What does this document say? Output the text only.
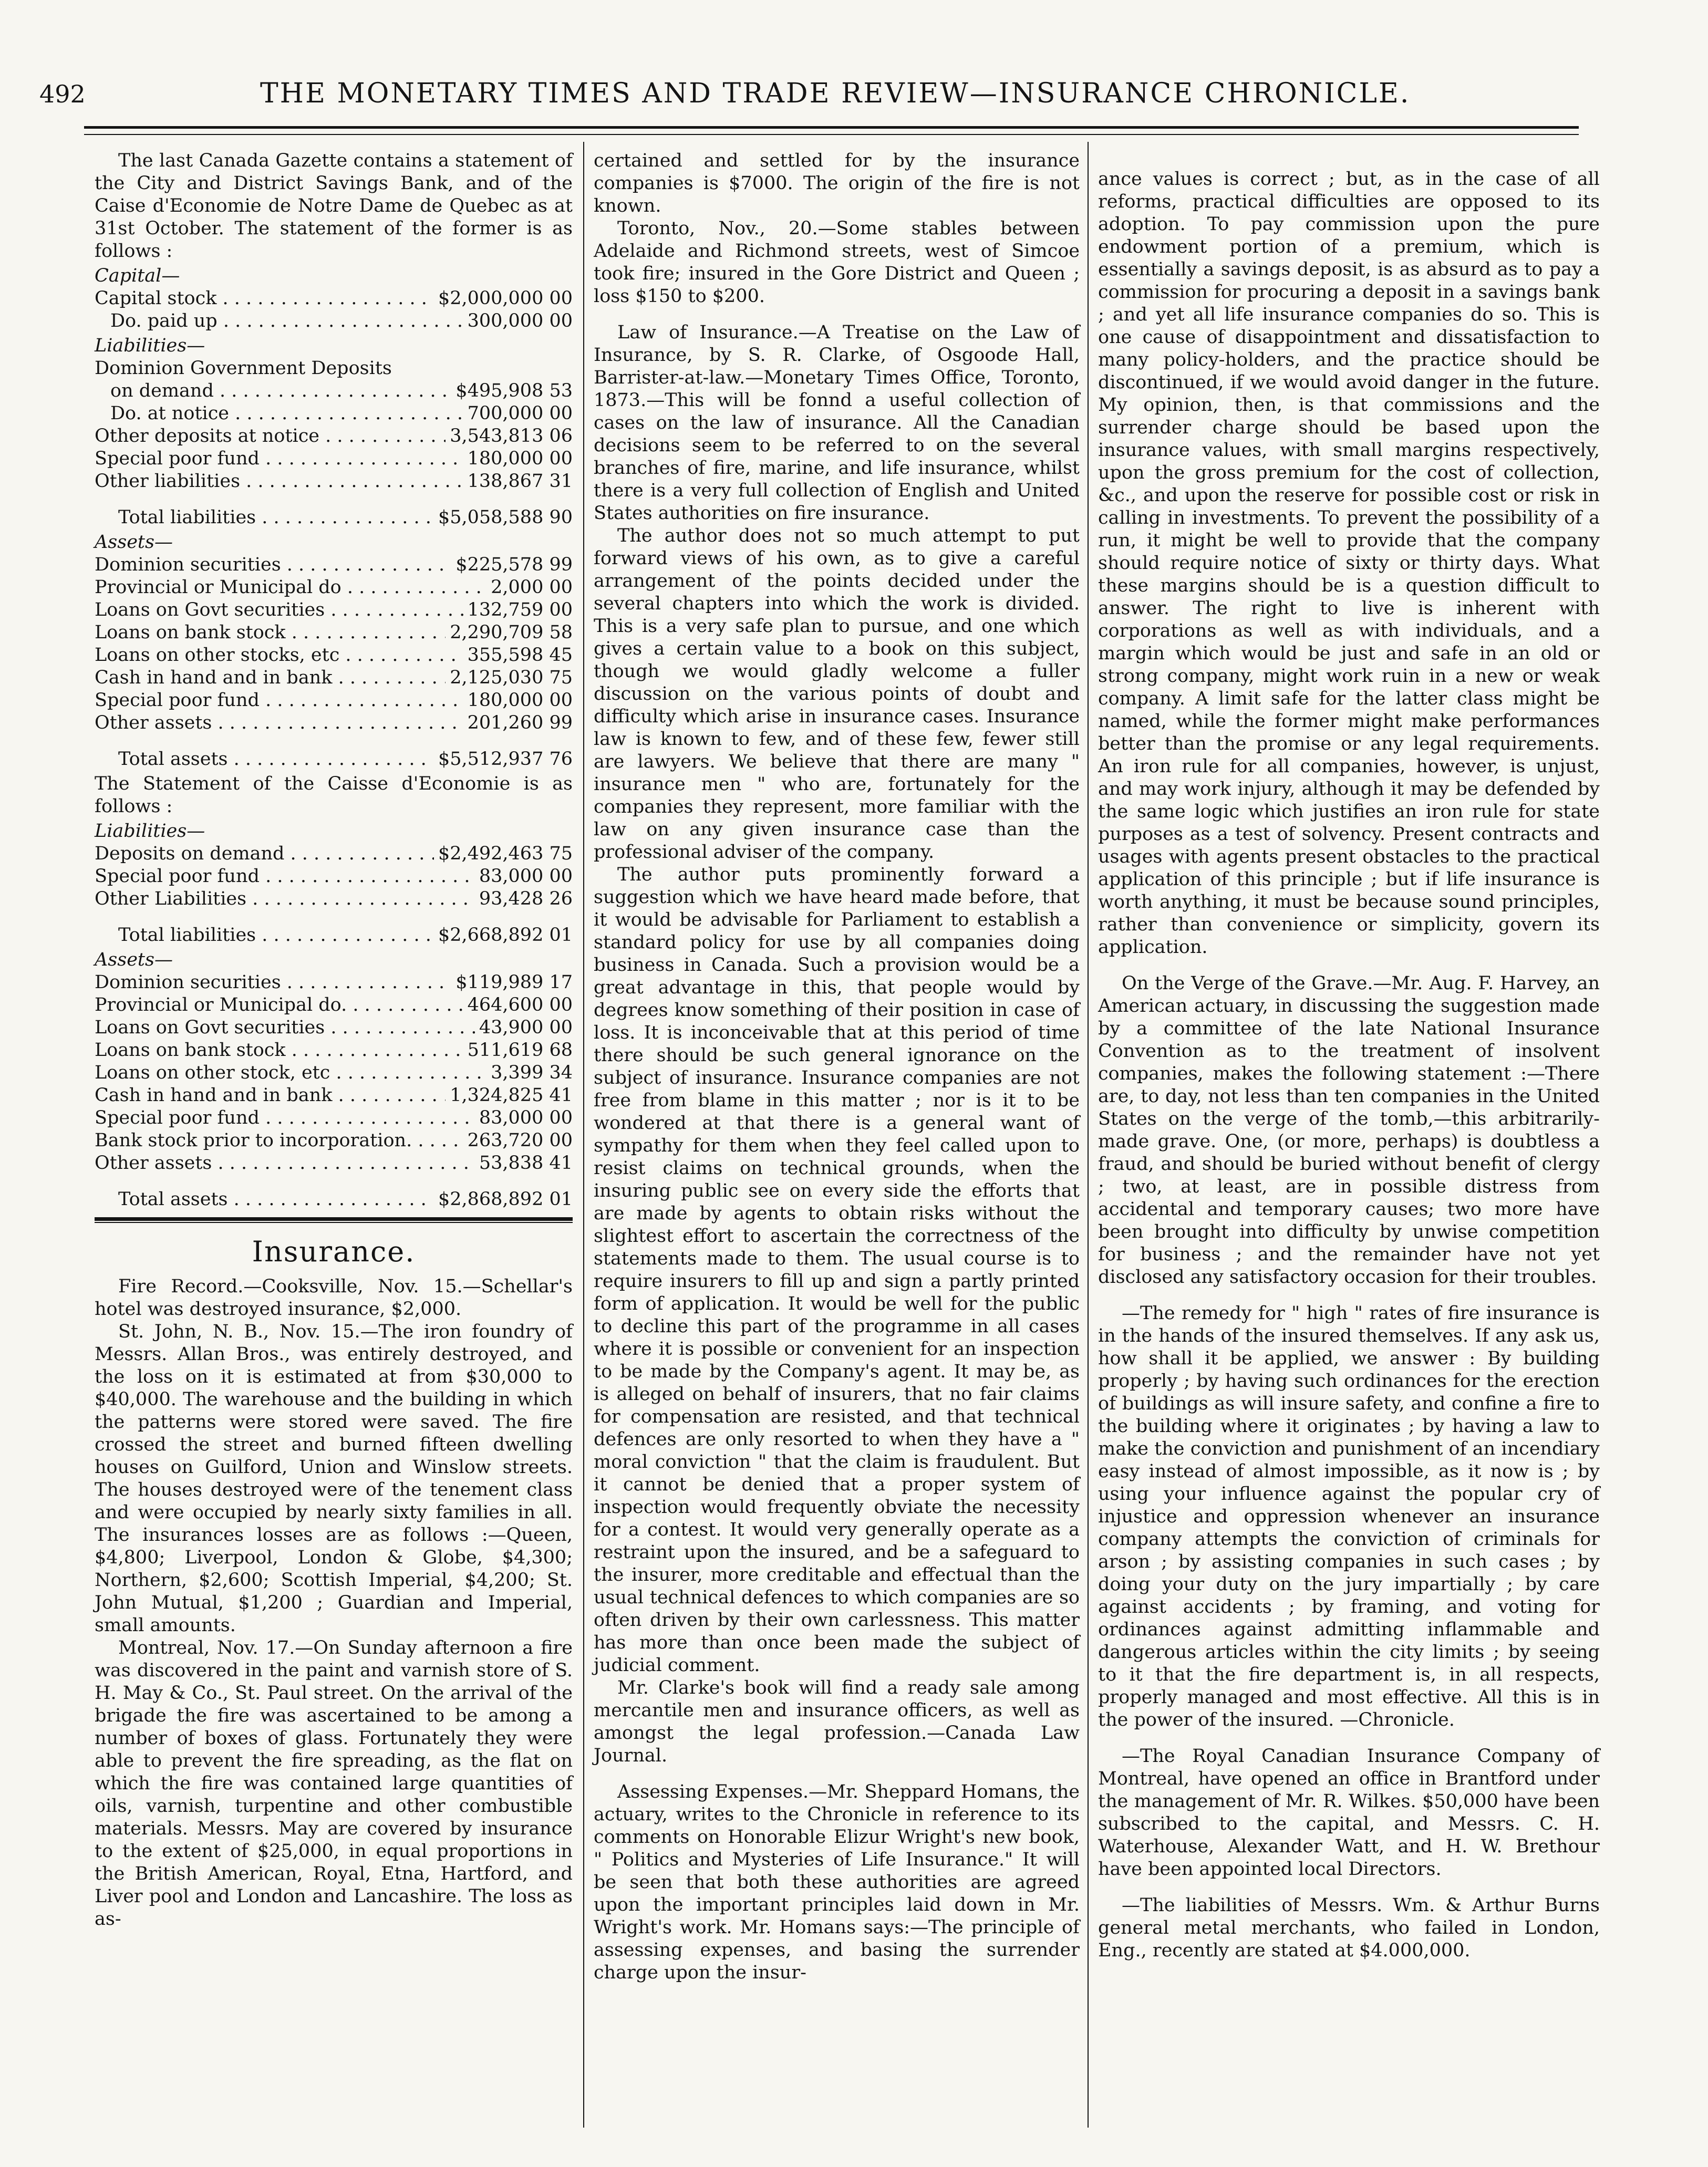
492	THE MONETARY TIMES AND TRADE REVIEW—INSURANCE CHRONICLE.

The last Canada Gazette contains a statement of the City and District Savings Bank, and of the Caise d'Economie de Notre Dame de Quebec as at 31st October. The statement of the former is as follows :

Capital—
Capital stock . . .	$2,000,000 00
Do. paid up . . .	300,000 00
Liabilities—
Dominion Government Deposits
on demand . . .	$495,908 53
Do. at notice . . .	700,000 00
Other deposits at notice . . .	3,543,813 06
Special poor fund . . .	180,000 00
Other liabilities . . .	138,867 31
Total liabilities . . .	$5,058,588 90
Assets—
Dominion securities . . .	$225,578 99
Provincial or Municipal do . . .	2,000 00
Loans on Govt securities . . .	132,759 00
Loans on bank stock . . .	2,290,709 58
Loans on other stocks, etc . . .	355,598 45
Cash in hand and in bank . . .	2,125,030 75
Special poor fund . . .	180,000 00
Other assets . . .	201,260 99
Total assets . . .	$5,512,937 76

The Statement of the Caisse d'Economie is as follows :

Liabilities—
Deposits on demand . . .	$2,492,463 75
Special poor fund . . .	83,000 00
Other Liabilities . . .	93,428 26
Total liabilities . . .	$2,668,892 01
Assets—
Dominion securities . . .	$119,989 17
Provincial or Municipal do. . . .	464,600 00
Loans on Govt securities . . .	43,900 00
Loans on bank stock . . .	511,619 68
Loans on other stock, etc . . .	3,399 34
Cash in hand and in bank . . .	1,324,825 41
Special poor fund . . .	83,000 00
Bank stock prior to incorporation. . . .	263,720 00
Other assets . . .	53,838 41
Total assets . . .	$2,868,892 01
Insurance.

Fire Record.—Cooksville, Nov. 15.—Schellar's hotel was destroyed insurance, $2,000.

St. John, N. B., Nov. 15.—The iron foundry of Messrs. Allan Bros., was entirely destroyed, and the loss on it is estimated at from $30,000 to $40,000. The warehouse and the building in which the patterns were stored were saved. The fire crossed the street and burned fifteen dwelling houses on Guilford, Union and Winslow streets. The houses destroyed were of the tenement class and were occupied by nearly sixty families in all. The insurances losses are as follows :—Queen, $4,800; Liverpool, London & Globe, $4,300; Northern, $2,600; Scottish Imperial, $4,200; St. John Mutual, $1,200 ; Guardian and Imperial, small amounts.

Montreal, Nov. 17.—On Sunday afternoon a fire was discovered in the paint and varnish store of S. H. May & Co., St. Paul street. On the arrival of the brigade the fire was ascertained to be among a number of boxes of glass. Fortunately they were able to prevent the fire spreading, as the flat on which the fire was contained large quantities of oils, varnish, turpentine and other combustible materials. Messrs. May are covered by insurance to the extent of $25,000, in equal proportions in the British American, Royal, Etna, Hartford, and Liver pool and London and Lancashire. The loss as as-

certained and settled for by the insurance companies is $7000. The origin of the fire is not known.

Toronto, Nov., 20.—Some stables between Adelaide and Richmond streets, west of Simcoe took fire; insured in the Gore District and Queen ; loss $150 to $200.

Law of Insurance.—A Treatise on the Law of Insurance, by S. R. Clarke, of Osgoode Hall, Barrister-at-law.—Monetary Times Office, Toronto, 1873.—This will be fonnd a useful collection of cases on the law of insurance. All the Canadian decisions seem to be referred to on the several branches of fire, marine, and life insurance, whilst there is a very full collection of English and United States authorities on fire insurance.

The author does not so much attempt to put forward views of his own, as to give a careful arrangement of the points decided under the several chapters into which the work is divided. This is a very safe plan to pursue, and one which gives a certain value to a book on this subject, though we would gladly welcome a fuller discussion on the various points of doubt and difficulty which arise in insurance cases. Insurance law is known to few, and of these few, fewer still are lawyers. We believe that there are many " insurance men " who are, fortunately for the companies they represent, more familiar with the law on any given insurance case than the professional adviser of the company.

The author puts prominently forward a suggestion which we have heard made before, that it would be advisable for Parliament to establish a standard policy for use by all companies doing business in Canada. Such a provision would be a great advantage in this, that people would by degrees know something of their position in case of loss. It is inconceivable that at this period of time there should be such general ignorance on the subject of insurance. Insurance companies are not free from blame in this matter ; nor is it to be wondered at that there is a general want of sympathy for them when they feel called upon to resist claims on technical grounds, when the insuring public see on every side the efforts that are made by agents to obtain risks without the slightest effort to ascertain the correctness of the statements made to them. The usual course is to require insurers to fill up and sign a partly printed form of application. It would be well for the public to decline this part of the programme in all cases where it is possible or convenient for an inspection to be made by the Company's agent. It may be, as is alleged on behalf of insurers, that no fair claims for compensation are resisted, and that technical defences are only resorted to when they have a " moral conviction " that the claim is fraudulent. But it cannot be denied that a proper system of inspection would frequently obviate the necessity for a contest. It would very generally operate as a restraint upon the insured, and be a safeguard to the insurer, more creditable and effectual than the usual technical defences to which companies are so often driven by their own carlessness. This matter has more than once been made the subject of judicial comment.

Mr. Clarke's book will find a ready sale among mercantile men and insurance officers, as well as amongst the legal profession.—Canada Law Journal.

Assessing Expenses.—Mr. Sheppard Homans, the actuary, writes to the Chronicle in reference to its comments on Honorable Elizur Wright's new book, " Politics and Mysteries of Life Insurance." It will be seen that both these authorities are agreed upon the important principles laid down in Mr. Wright's work. Mr. Homans says:—The principle of assessing expenses, and basing the surrender charge upon the insur-

ance values is correct ; but, as in the case of all reforms, practical difficulties are opposed to its adoption. To pay commission upon the pure endowment portion of a premium, which is essentially a savings deposit, is as absurd as to pay a commission for procuring a deposit in a savings bank ; and yet all life insurance companies do so. This is one cause of disappointment and dissatisfaction to many policy-holders, and the practice should be discontinued, if we would avoid danger in the future. My opinion, then, is that commissions and the surrender charge should be based upon the insurance values, with small margins respectively, upon the gross premium for the cost of collection, &c., and upon the reserve for possible cost or risk in calling in investments. To prevent the possibility of a run, it might be well to provide that the company should require notice of sixty or thirty days. What these margins should be is a question difficult to answer. The right to live is inherent with corporations as well as with individuals, and a margin which would be just and safe in an old or strong company, might work ruin in a new or weak company. A limit safe for the latter class might be named, while the former might make performances better than the promise or any legal requirements. An iron rule for all companies, however, is unjust, and may work injury, although it may be defended by the same logic which justifies an iron rule for state purposes as a test of solvency. Present contracts and usages with agents present obstacles to the practical application of this principle ; but if life insurance is worth anything, it must be because sound principles, rather than convenience or simplicity, govern its application.

On the Verge of the Grave.—Mr. Aug. F. Harvey, an American actuary, in discussing the suggestion made by a committee of the late National Insurance Convention as to the treatment of insolvent companies, makes the following statement :—There are, to day, not less than ten companies in the United States on the verge of the tomb,—this arbitrarily-made grave. One, (or more, perhaps) is doubtless a fraud, and should be buried without benefit of clergy ; two, at least, are in possible distress from accidental and temporary causes; two more have been brought into difficulty by unwise competition for business ; and the remainder have not yet disclosed any satisfactory occasion for their troubles.

—The remedy for " high " rates of fire insurance is in the hands of the insured themselves. If any ask us, how shall it be applied, we answer : By building properly ; by having such ordinances for the erection of buildings as will insure safety, and confine a fire to the building where it originates ; by having a law to make the conviction and punishment of an incendiary easy instead of almost impossible, as it now is ; by using your influence against the popular cry of injustice and oppression whenever an insurance company attempts the conviction of criminals for arson ; by assisting companies in such cases ; by doing your duty on the jury impartially ; by care against accidents ; by framing, and voting for ordinances against admitting inflammable and dangerous articles within the city limits ; by seeing to it that the fire department is, in all respects, properly managed and most effective. All this is in the power of the insured. —Chronicle.

—The Royal Canadian Insurance Company of Montreal, have opened an office in Brantford under the management of Mr. R. Wilkes. $50,000 have been subscribed to the capital, and Messrs. C. H. Waterhouse, Alexander Watt, and H. W. Brethour have been appointed local Directors.

—The liabilities of Messrs. Wm. & Arthur Burns general metal merchants, who failed in London, Eng., recently are stated at $4.000,000.
